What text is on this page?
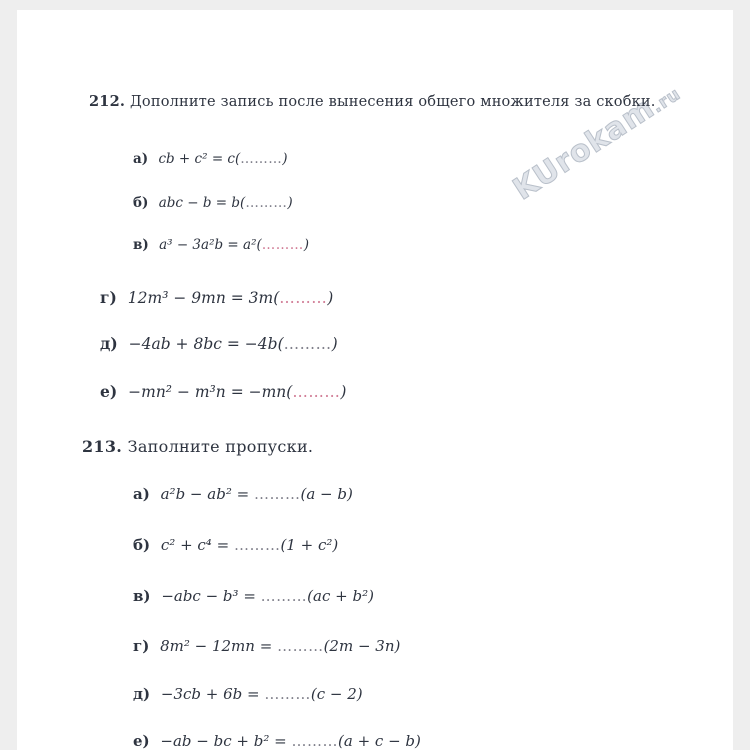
KUrokam.ru
212. Дополните запись после вынесения общего множителя за скобки.
а) cb + c² = c(………)
б) abc − b = b(………)
в) a³ − 3a²b = a²(………)
г) 12m³ − 9mn = 3m(………)
д) −4ab + 8bc = −4b(………)
е) −mn² − m³n = −mn(………)
213. Заполните пропуски.
а) a²b − ab² = ………(a − b)
б) c² + c⁴ = ………(1 + c²)
в) −abc − b³ = ………(ac + b²)
г) 8m² − 12mn = ………(2m − 3n)
д) −3cb + 6b = ………(c − 2)
е) −ab − bc + b² = ………(a + c − b)
